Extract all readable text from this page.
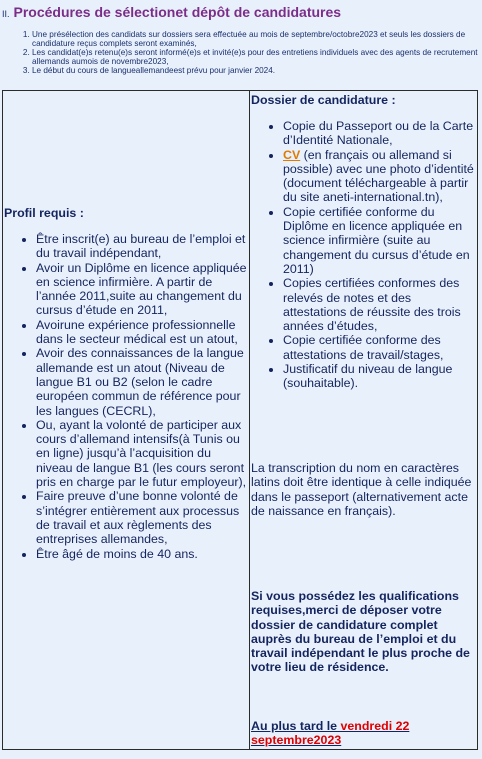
II. Procédures de sélectionet dépôt de candidatures
1. Une présélection des candidats sur dossiers sera effectuée au mois de septembre/octobre2023 et seuls les dossiers de candidature reçus complets seront examinés,
2. Les candidat(e)s retenu(e)s seront informé(e)s et invité(e)s pour des entretiens individuels avec des agents de recrutement allemands aumois de novembre2023,
3. Le début du cours de langueallemandeest prévu pour janvier 2024.
Profil requis :
• Être inscrit(e) au bureau de l’emploi et du travail indépendant,
• Avoir un Diplôme en licence appliquée en science infirmière. A partir de l’année 2011,suite au changement du cursus d’étude en 2011,
• Avoirune expérience professionnelle dans le secteur médical est un atout,
• Avoir des connaissances de la langue allemande est un atout (Niveau de langue B1 ou B2 (selon le cadre européen commun de référence pour les langues (CECRL),
• Ou, ayant la volonté de participer aux cours d’allemand intensifs(à Tunis ou en ligne) jusqu’à l’acquisition du niveau de langue B1 (les cours seront pris en charge par le futur employeur),
• Faire preuve d’une bonne volonté de s’intégrer entièrement aux processus de travail et aux règlements des entreprises allemandes,
• Être âgé de moins de 40 ans.
Dossier de candidature :
• Copie du Passeport ou de la Carte d’Identité Nationale,
• CV (en français ou allemand si possible) avec une photo d’identité (document téléchargeable à partir du site aneti-international.tn),
• Copie certifiée conforme du Diplôme en licence appliquée en science infirmière (suite au changement du cursus d’étude en 2011)
• Copies certifiées conformes des relevés de notes et des attestations de réussite des trois années d’études,
• Copie certifiée conforme des attestations de travail/stages,
• Justificatif du niveau de langue (souhaitable).

La transcription du nom en caractères latins doit être identique à celle indiquée dans le passeport (alternativement acte de naissance en français).

Si vous possédez les qualifications requises,merci de déposer votre dossier de candidature complet auprès du bureau de l’emploi et du travail indépendant le plus proche de votre lieu de résidence.

Au plus tard le vendredi 22 septembre2023
